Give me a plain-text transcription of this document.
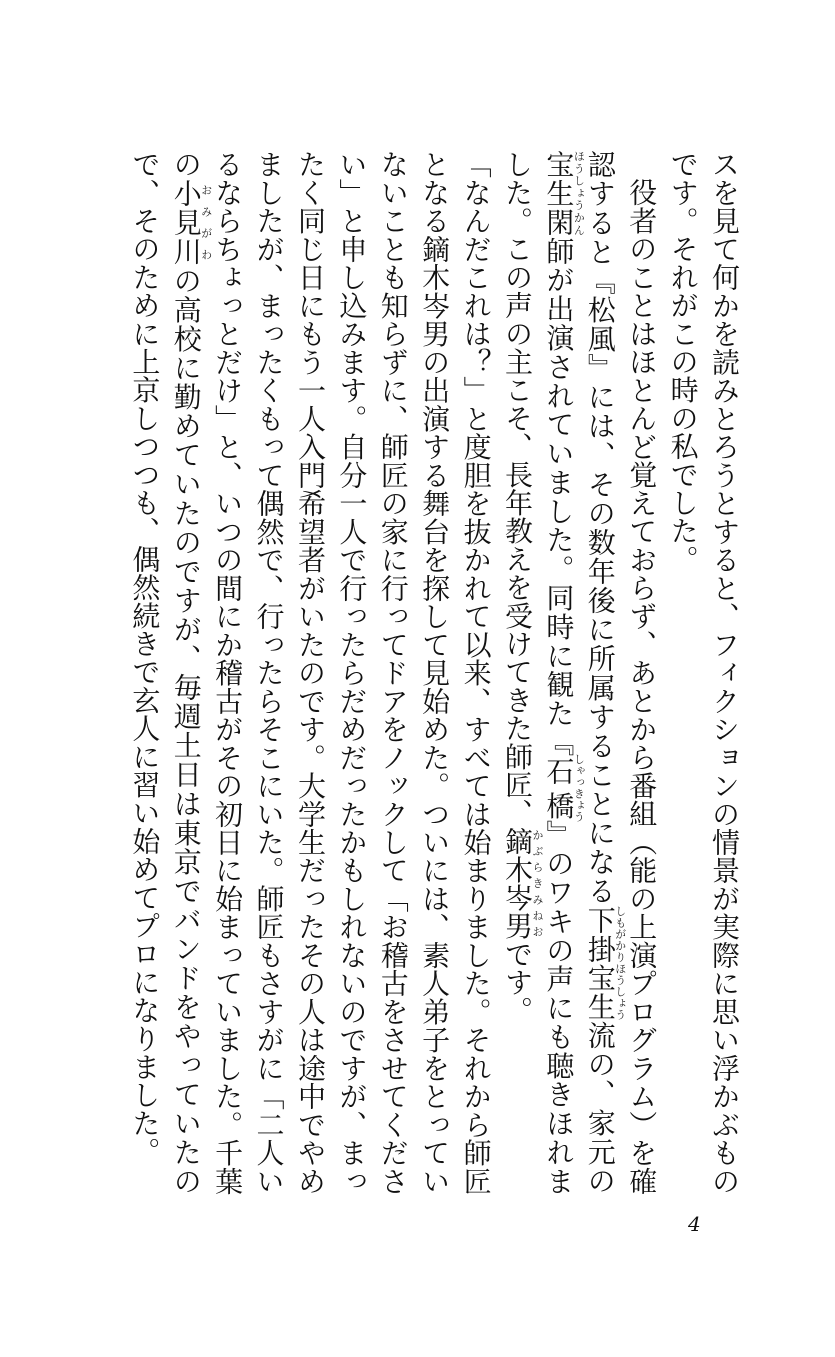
スを見て何かを読みとろうとすると、フィクションの情景が実際に思い浮かぶものです。それがこの時の私でした。

役者のことはほとんど覚えておらず、あとから番組（能の上演プログラム）を確認すると『松風』には、その数年後に所属することになる下掛宝生しもがかりほうしょう流の、家元の宝生閑ほうしょうかん師が出演されていました。同時に観た『石橋しゃっきょう』のワキの声にも聴きほれました。この声の主こそ、長年教えを受けてきた師匠、鏑木岑男かぶらきみねおです。

「なんだこれは？」と度胆を抜かれて以来、すべては始まりました。それから師匠となる鏑木岑男の出演する舞台を探して見始めた。ついには、素人弟子をとっていないことも知らずに、師匠の家に行ってドアをノックして「お稽古をさせてください」と申し込みます。自分一人で行ったらだめだったかもしれないのですが、まったく同じ日にもう一人入門希望者がいたのです。大学生だったその人は途中でやめましたが、まったくもって偶然で、行ったらそこにいた。師匠もさすがに「二人いるならちょっとだけ」と、いつの間にか稽古がその初日に始まっていました。千葉の小見川おみがわの高校に勤めていたのですが、毎週土日は東京でバンドをやっていたので、そのために上京しつつも、偶然続きで玄人に習い始めてプロになりました。

4
